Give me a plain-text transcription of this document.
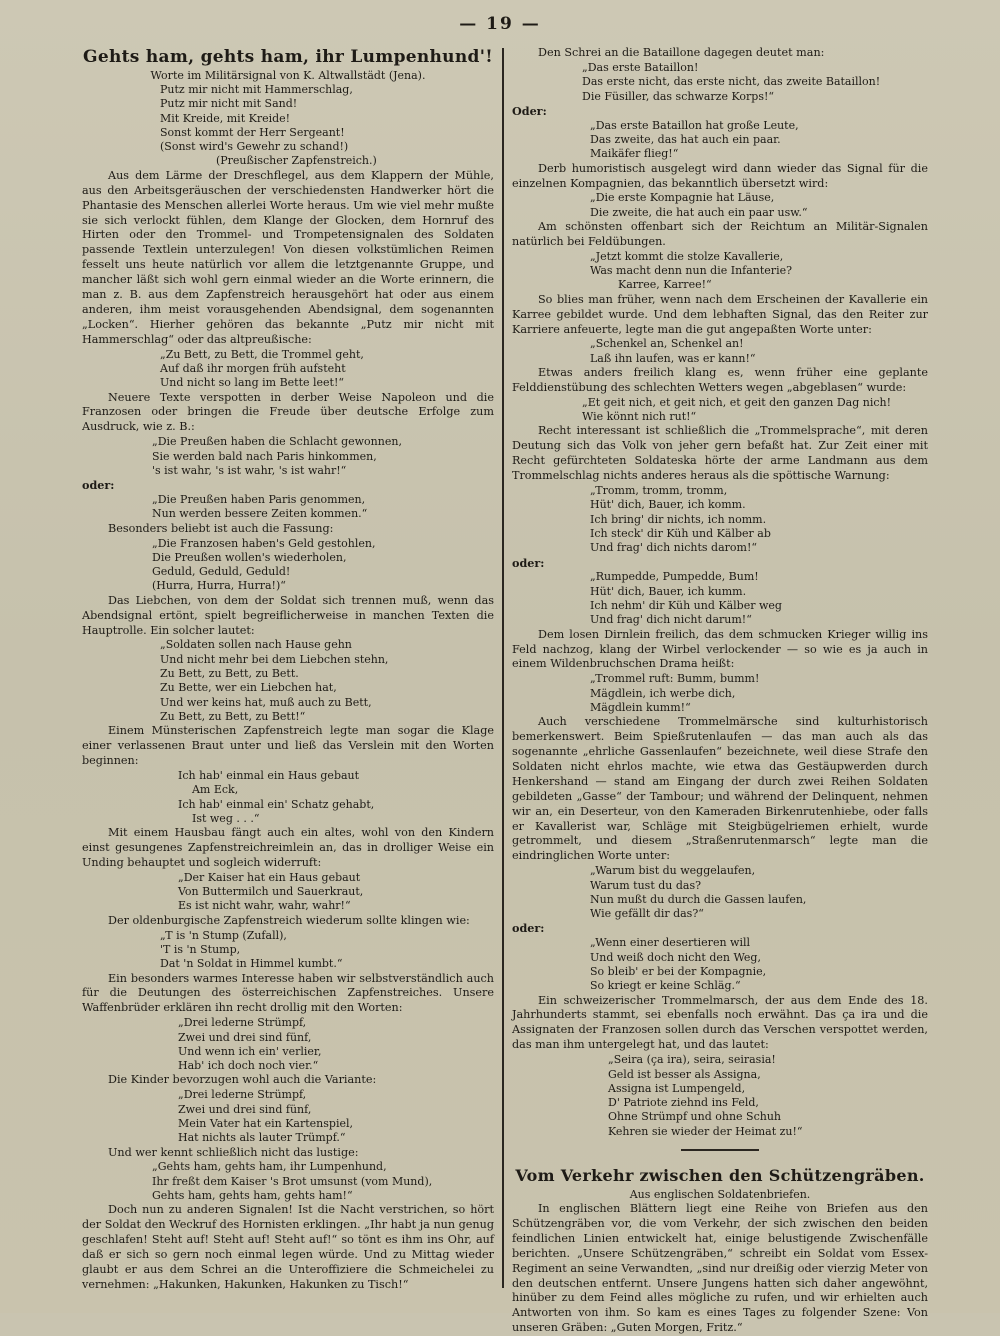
— 19 —
Gehts ham, gehts ham, ihr Lumpenhund'!
Worte im Militärsignal von K. Altwallstädt (Jena).
Putz mir nicht mit Hammerschlag,
Putz mir nicht mit Sand!
Mit Kreide, mit Kreide!
Sonst kommt der Herr Sergeant!
(Sonst wird's Gewehr zu schand!)
(Preußischer Zapfenstreich.)

Aus dem Lärme der Dreschflegel, aus dem Klappern der Mühle, aus den Arbeitsgeräuschen der verschiedensten Handwerker hört die Phantasie des Menschen allerlei Worte heraus. Um wie viel mehr mußte sie sich verlockt fühlen, dem Klange der Glocken, dem Hornruf des Hirten oder den Trommel- und Trompetensignalen des Soldaten passende Textlein unterzulegen! Von diesen volkstümlichen Reimen fesselt uns heute natürlich vor allem die letztgenannte Gruppe, und mancher läßt sich wohl gern einmal wieder an die Worte erinnern, die man z. B. aus dem Zapfenstreich herausgehört hat oder aus einem anderen, ihm meist vorausgehenden Abendsignal, dem sogenannten „Locken“. Hierher gehören das bekannte „Putz mir nicht mit Hammerschlag“ oder das altpreußische:

„Zu Bett, zu Bett, die Trommel geht,
Auf daß ihr morgen früh aufsteht
Und nicht so lang im Bette leet!“

Neuere Texte verspotten in derber Weise Napoleon und die Franzosen oder bringen die Freude über deutsche Erfolge zum Ausdruck, wie z. B.:

„Die Preußen haben die Schlacht gewonnen,
Sie werden bald nach Paris hinkommen,
's ist wahr, 's ist wahr, 's ist wahr!“

oder:

„Die Preußen haben Paris genommen,
Nun werden bessere Zeiten kommen.“

Besonders beliebt ist auch die Fassung:

„Die Franzosen haben's Geld gestohlen,
Die Preußen wollen's wiederholen,
Geduld, Geduld, Geduld!
(Hurra, Hurra, Hurra!)“

Das Liebchen, von dem der Soldat sich trennen muß, wenn das Abendsignal ertönt, spielt begreiflicherweise in manchen Texten die Hauptrolle. Ein solcher lautet:

„Soldaten sollen nach Hause gehn
Und nicht mehr bei dem Liebchen stehn,
Zu Bett, zu Bett, zu Bett.
Zu Bette, wer ein Liebchen hat,
Und wer keins hat, muß auch zu Bett,
Zu Bett, zu Bett, zu Bett!“

Einem Münsterischen Zapfenstreich legte man sogar die Klage einer verlassenen Braut unter und ließ das Verslein mit den Worten beginnen:

Ich hab' einmal ein Haus gebaut
Am Eck,
Ich hab' einmal ein' Schatz gehabt,
Ist weg . . .“

Mit einem Hausbau fängt auch ein altes, wohl von den Kindern einst gesungenes Zapfenstreichreimlein an, das in drolliger Weise ein Unding behauptet und sogleich widerruft:

„Der Kaiser hat ein Haus gebaut
Von Buttermilch und Sauerkraut,
Es ist nicht wahr, wahr, wahr!“

Der oldenburgische Zapfenstreich wiederum sollte klingen wie:

„T is 'n Stump (Zufall),
'T is 'n Stump,
Dat 'n Soldat in Himmel kumbt.“

Ein besonders warmes Interesse haben wir selbstverständlich auch für die Deutungen des österreichischen Zapfenstreiches. Unsere Waffenbrüder erklären ihn recht drollig mit den Worten:

„Drei lederne Strümpf,
Zwei und drei sind fünf,
Und wenn ich ein' verlier,
Hab' ich doch noch vier.“

Die Kinder bevorzugen wohl auch die Variante:

„Drei lederne Strümpf,
Zwei und drei sind fünf,
Mein Vater hat ein Kartenspiel,
Hat nichts als lauter Trümpf.“

Und wer kennt schließlich nicht das lustige:

„Gehts ham, gehts ham, ihr Lumpenhund,
Ihr freßt dem Kaiser 's Brot umsunst (vom Mund),
Gehts ham, gehts ham, gehts ham!“

Doch nun zu anderen Signalen! Ist die Nacht verstrichen, so hört der Soldat den Weckruf des Hornisten erklingen. „Ihr habt ja nun genug geschlafen! Steht auf! Steht auf! Steht auf!“ so tönt es ihm ins Ohr, auf daß er sich so gern noch einmal legen würde. Und zu Mittag wieder glaubt er aus dem Schrei an die Unteroffiziere die Schmeichelei zu vernehmen: „Hakunken, Hakunken, Hakunken zu Tisch!“

Den Schrei an die Bataillone dagegen deutet man:

„Das erste Bataillon!
Das erste nicht, das erste nicht, das zweite Bataillon!
Die Füsiller, das schwarze Korps!“

Oder:

„Das erste Bataillon hat große Leute,
Das zweite, das hat auch ein paar.
Maikäfer flieg!“

Derb humoristisch ausgelegt wird dann wieder das Signal für die einzelnen Kompagnien, das bekanntlich übersetzt wird:

„Die erste Kompagnie hat Läuse,
Die zweite, die hat auch ein paar usw.“

Am schönsten offenbart sich der Reichtum an Militär-Signalen natürlich bei Feldübungen.

„Jetzt kommt die stolze Kavallerie,
Was macht denn nun die Infanterie?
Karree, Karree!“

So blies man früher, wenn nach dem Erscheinen der Kavallerie ein Karree gebildet wurde. Und dem lebhaften Signal, das den Reiter zur Karriere anfeuerte, legte man die gut angepaßten Worte unter:

„Schenkel an, Schenkel an!
Laß ihn laufen, was er kann!“

Etwas anders freilich klang es, wenn früher eine geplante Felddienstübung des schlechten Wetters wegen „abgeblasen“ wurde:

„Et geit nich, et geit nich, et geit den ganzen Dag nich!
Wie könnt nich rut!“

Recht interessant ist schließlich die „Trommelsprache“, mit deren Deutung sich das Volk von jeher gern befaßt hat. Zur Zeit einer mit Recht gefürchteten Soldateska hörte der arme Landmann aus dem Trommelschlag nichts anderes heraus als die spöttische Warnung:

„Tromm, tromm, tromm,
Hüt' dich, Bauer, ich komm.
Ich bring' dir nichts, ich nomm.
Ich steck' dir Küh und Kälber ab
Und frag' dich nichts darom!“

oder:

„Rumpedde, Pumpedde, Bum!
Hüt' dich, Bauer, ich kumm.
Ich nehm' dir Küh und Kälber weg
Und frag' dich nicht darum!“

Dem losen Dirnlein freilich, das dem schmucken Krieger willig ins Feld nachzog, klang der Wirbel verlockender — so wie es ja auch in einem Wildenbruchschen Drama heißt:

„Trommel ruft: Bumm, bumm!
Mägdlein, ich werbe dich,
Mägdlein kumm!“

Auch verschiedene Trommelmärsche sind kulturhistorisch bemerkenswert. Beim Spießrutenlaufen — das man auch als das sogenannte „ehrliche Gassenlaufen“ bezeichnete, weil diese Strafe den Soldaten nicht ehrlos machte, wie etwa das Gestäupwerden durch Henkershand — stand am Eingang der durch zwei Reihen Soldaten gebildeten „Gasse“ der Tambour; und während der Delinquent, nehmen wir an, ein Deserteur, von den Kameraden Birkenrutenhiebe, oder falls er Kavallerist war, Schläge mit Steigbügelriemen erhielt, wurde getrommelt, und diesem „Straßenrutenmarsch“ legte man die eindringlichen Worte unter:

„Warum bist du weggelaufen,
Warum tust du das?
Nun mußt du durch die Gassen laufen,
Wie gefällt dir das?“

oder:

„Wenn einer desertieren will
Und weiß doch nicht den Weg,
So bleib' er bei der Kompagnie,
So kriegt er keine Schläg.“

Ein schweizerischer Trommelmarsch, der aus dem Ende des 18. Jahrhunderts stammt, sei ebenfalls noch erwähnt. Das ça ira und die Assignaten der Franzosen sollen durch das Verschen verspottet werden, das man ihm untergelegt hat, und das lautet:

„Seira (ça ira), seira, seirasia!
Geld ist besser als Assigna,
Assigna ist Lumpengeld,
D' Patriote ziehnd ins Feld,
Ohne Strümpf und ohne Schuh
Kehren sie wieder der Heimat zu!“
Vom Verkehr zwischen den Schützengräben.
Aus englischen Soldatenbriefen.

In englischen Blättern liegt eine Reihe von Briefen aus den Schützengräben vor, die vom Verkehr, der sich zwischen den beiden feindlichen Linien entwickelt hat, einige belustigende Zwischenfälle berichten. „Unsere Schützengräben,“ schreibt ein Soldat vom Essex-Regiment an seine Verwandten, „sind nur dreißig oder vierzig Meter von den deutschen entfernt. Unsere Jungens hatten sich daher angewöhnt, hinüber zu dem Feind alles mögliche zu rufen, und wir erhielten auch Antworten von ihm. So kam es eines Tages zu folgender Szene: Von unseren Gräben: „Guten Morgen, Fritz.“
